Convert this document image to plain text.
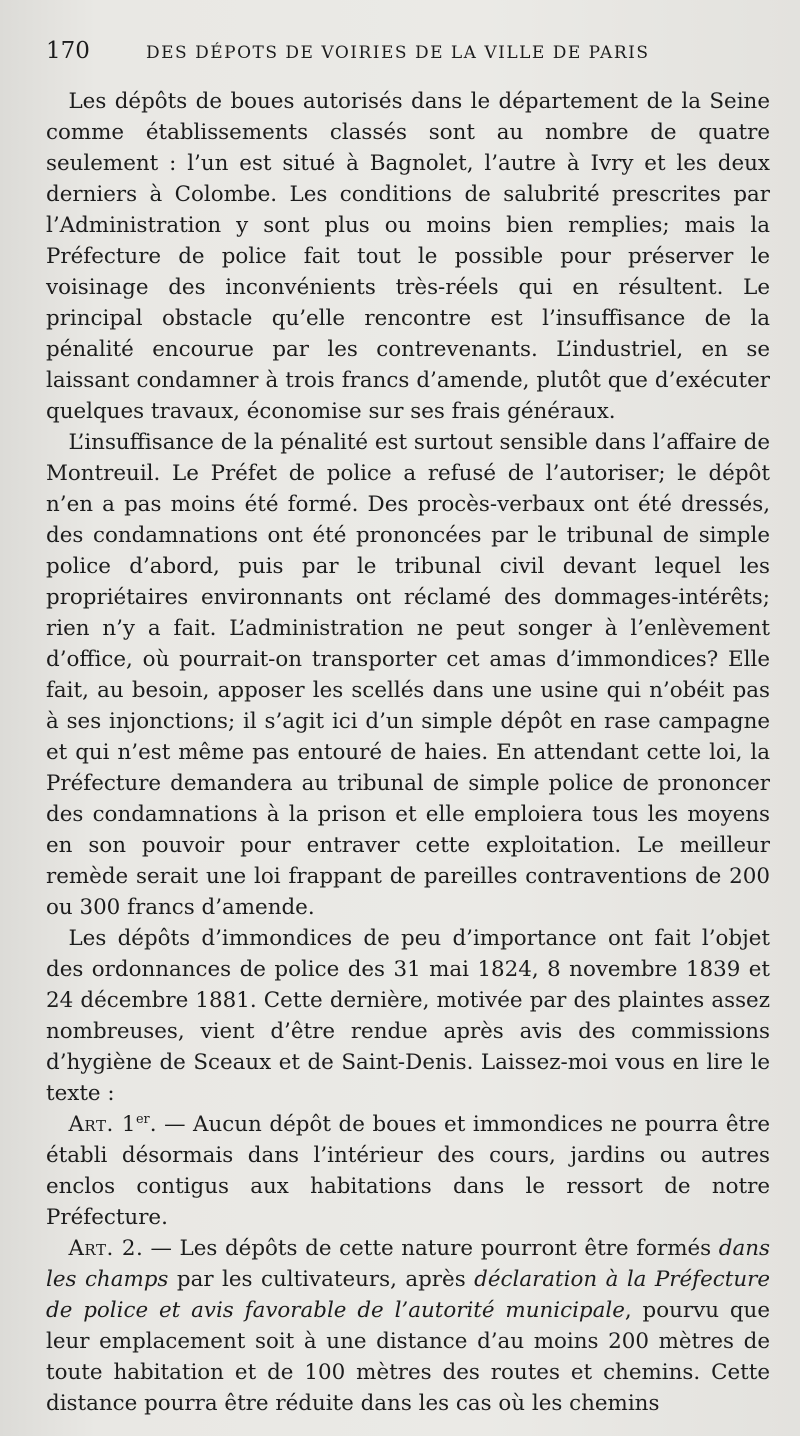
170	DES DÉPOTS DE VOIRIES DE LA VILLE DE PARIS

Les dépôts de boues autorisés dans le département de la Seine comme établissements classés sont au nombre de quatre seulement : l’un est situé à Bagnolet, l’autre à Ivry et les deux derniers à Colombe. Les conditions de salubrité prescrites par l’Administration y sont plus ou moins bien remplies; mais la Préfecture de police fait tout le possible pour préserver le voisinage des inconvénients très-réels qui en résultent. Le principal obstacle qu’elle rencontre est l’insuffisance de la pénalité encourue par les contrevenants. L’industriel, en se laissant condamner à trois francs d’amende, plutôt que d’exécuter quelques travaux, économise sur ses frais généraux.

L’insuffisance de la pénalité est surtout sensible dans l’affaire de Montreuil. Le Préfet de police a refusé de l’autoriser; le dépôt n’en a pas moins été formé. Des procès-verbaux ont été dressés, des condamnations ont été prononcées par le tribunal de simple police d’abord, puis par le tribunal civil devant lequel les propriétaires environnants ont réclamé des dommages-intérêts; rien n’y a fait. L’administration ne peut songer à l’enlèvement d’office, où pourrait-on transporter cet amas d’immondices? Elle fait, au besoin, apposer les scellés dans une usine qui n’obéit pas à ses injonctions; il s’agit ici d’un simple dépôt en rase campagne et qui n’est même pas entouré de haies. En attendant cette loi, la Préfecture demandera au tribunal de simple police de prononcer des condamnations à la prison et elle emploiera tous les moyens en son pouvoir pour entraver cette exploitation. Le meilleur remède serait une loi frappant de pareilles contraventions de 200 ou 300 francs d’amende.

Les dépôts d’immondices de peu d’importance ont fait l’objet des ordonnances de police des 31 mai 1824, 8 novembre 1839 et 24 décembre 1881. Cette dernière, motivée par des plaintes assez nombreuses, vient d’être rendue après avis des commissions d’hygiène de Sceaux et de Saint-Denis. Laissez-moi vous en lire le texte :

Art. 1er. — Aucun dépôt de boues et immondices ne pourra être établi désormais dans l’intérieur des cours, jardins ou autres enclos contigus aux habitations dans le ressort de notre Préfecture.

Art. 2. — Les dépôts de cette nature pourront être formés dans les champs par les cultivateurs, après déclaration à la Préfecture de police et avis favorable de l’autorité municipale, pourvu que leur emplacement soit à une distance d’au moins 200 mètres de toute habitation et de 100 mètres des routes et chemins. Cette distance pourra être réduite dans les cas où les chemins
